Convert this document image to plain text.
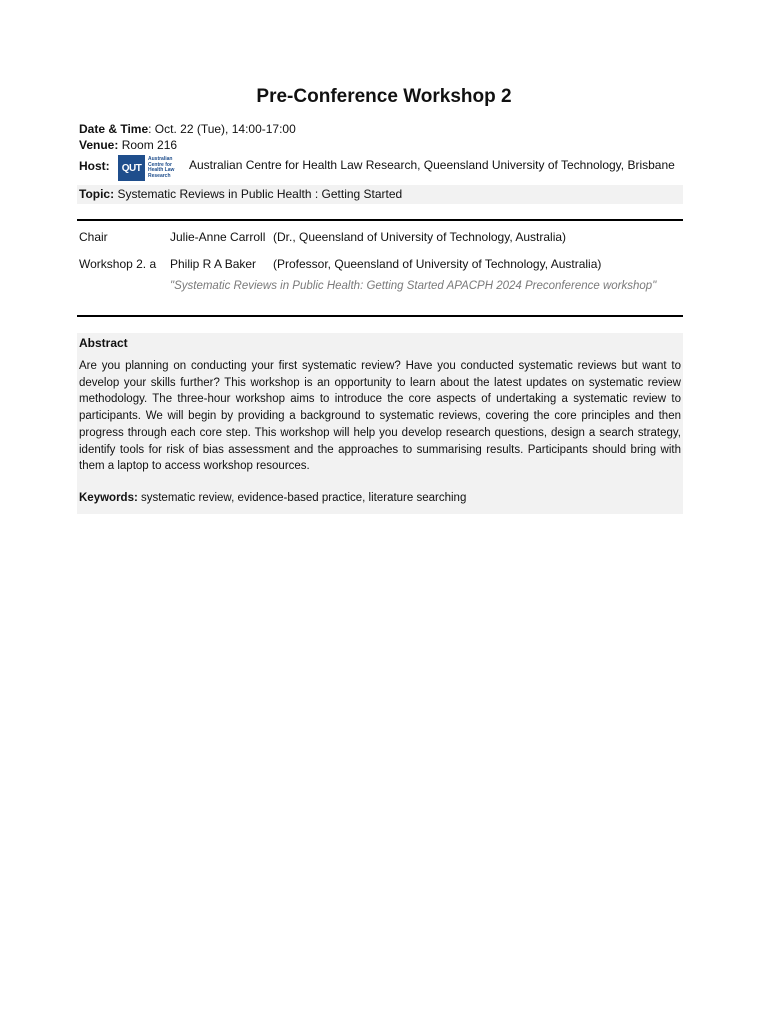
Pre-Conference Workshop 2
Date & Time: Oct. 22 (Tue), 14:00-17:00
Venue: Room 216
Host:	QUT
Australian
Centre for
Health Law
Research
Australian Centre for Health Law Research, Queensland University of Technology, Brisbane
Topic: Systematic Reviews in Public Health : Getting Started
Chair	Julie-Anne Carroll (Dr., Queensland of University of Technology, Australia)
Workshop 2. a Philip R A Baker (Professor, Queensland of University of Technology, Australia)
"Systematic Reviews in Public Health: Getting Started APACPH 2024 Preconference workshop"
Abstract
Are you planning on conducting your first systematic review? Have you conducted systematic reviews but want to develop your skills further? This workshop is an opportunity to learn about the latest updates on systematic review methodology. The three-hour workshop aims to introduce the core aspects of undertaking a systematic review to participants. We will begin by providing a background to systematic reviews, covering the core principles and then progress through each core step. This workshop will help you develop research questions, design a search strategy, identify tools for risk of bias assessment and the approaches to summarising results. Participants should bring with them a laptop to access workshop resources.
Keywords: systematic review, evidence-based practice, literature searching
